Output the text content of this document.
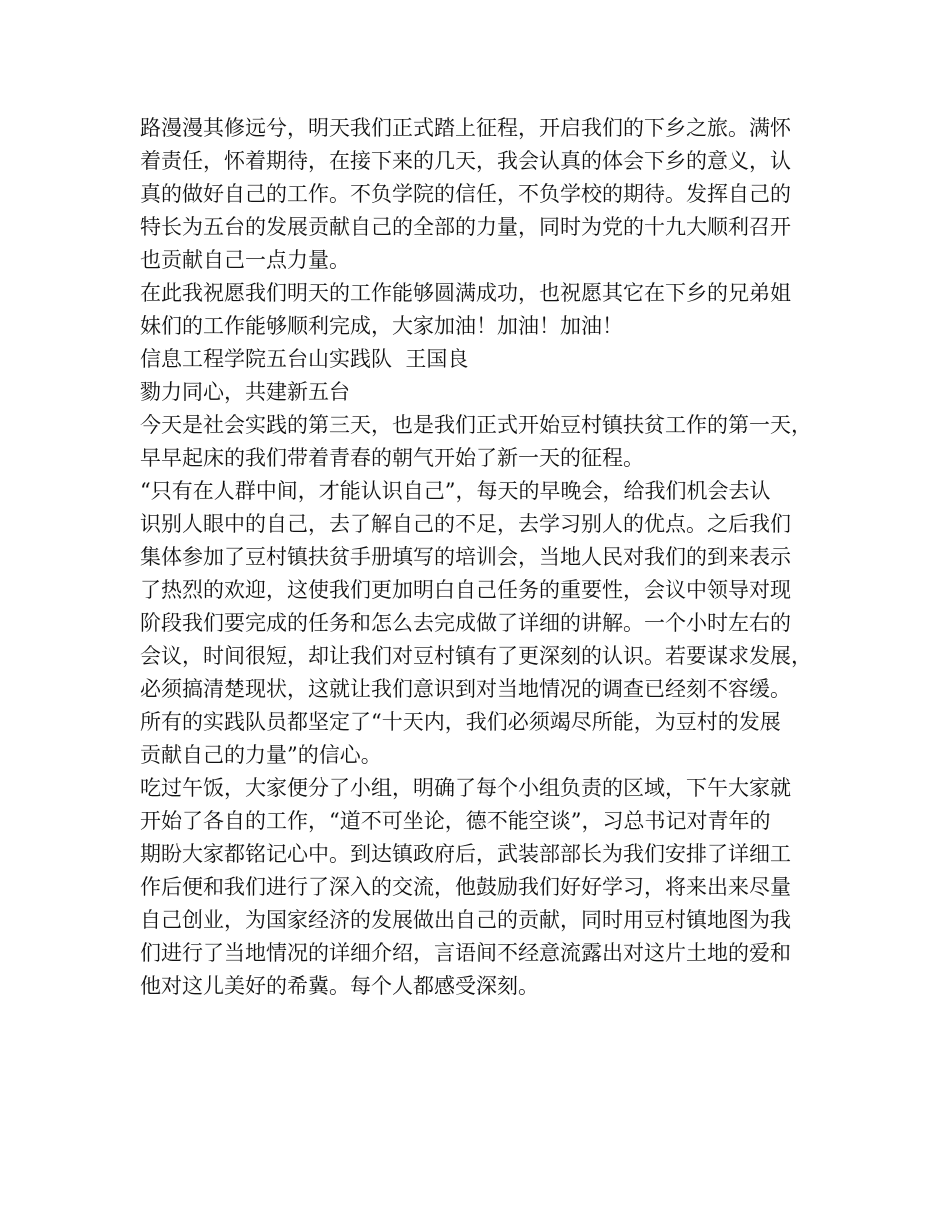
路漫漫其修远兮，明天我们正式踏上征程，开启我们的下乡之旅。满怀
着责任，怀着期待，在接下来的几天，我会认真的体会下乡的意义，认
真的做好自己的工作。不负学院的信任，不负学校的期待。发挥自己的
特长为五台的发展贡献自己的全部的力量，同时为党的十九大顺利召开
也贡献自己一点力量。
在此我祝愿我们明天的工作能够圆满成功，也祝愿其它在下乡的兄弟姐
妹们的工作能够顺利完成，大家加油！加油！加油！
信息工程学院五台山实践队  王国良
勠力同心，共建新五台
今天是社会实践的第三天，也是我们正式开始豆村镇扶贫工作的第一天，
早早起床的我们带着青春的朝气开始了新一天的征程。
“只有在人群中间，才能认识自己”，每天的早晚会，给我们机会去认
识别人眼中的自己，去了解自己的不足，去学习别人的优点。之后我们
集体参加了豆村镇扶贫手册填写的培训会，当地人民对我们的到来表示
了热烈的欢迎，这使我们更加明白自己任务的重要性，会议中领导对现
阶段我们要完成的任务和怎么去完成做了详细的讲解。一个小时左右的
会议，时间很短，却让我们对豆村镇有了更深刻的认识。若要谋求发展，
必须搞清楚现状，这就让我们意识到对当地情况的调查已经刻不容缓。
所有的实践队员都坚定了“十天内，我们必须竭尽所能，为豆村的发展
贡献自己的力量”的信心。
吃过午饭，大家便分了小组，明确了每个小组负责的区域，下午大家就
开始了各自的工作，“道不可坐论，德不能空谈”，习总书记对青年的
期盼大家都铭记心中。到达镇政府后，武装部部长为我们安排了详细工
作后便和我们进行了深入的交流，他鼓励我们好好学习，将来出来尽量
自己创业，为国家经济的发展做出自己的贡献，同时用豆村镇地图为我
们进行了当地情况的详细介绍，言语间不经意流露出对这片土地的爱和
他对这儿美好的希冀。每个人都感受深刻。
